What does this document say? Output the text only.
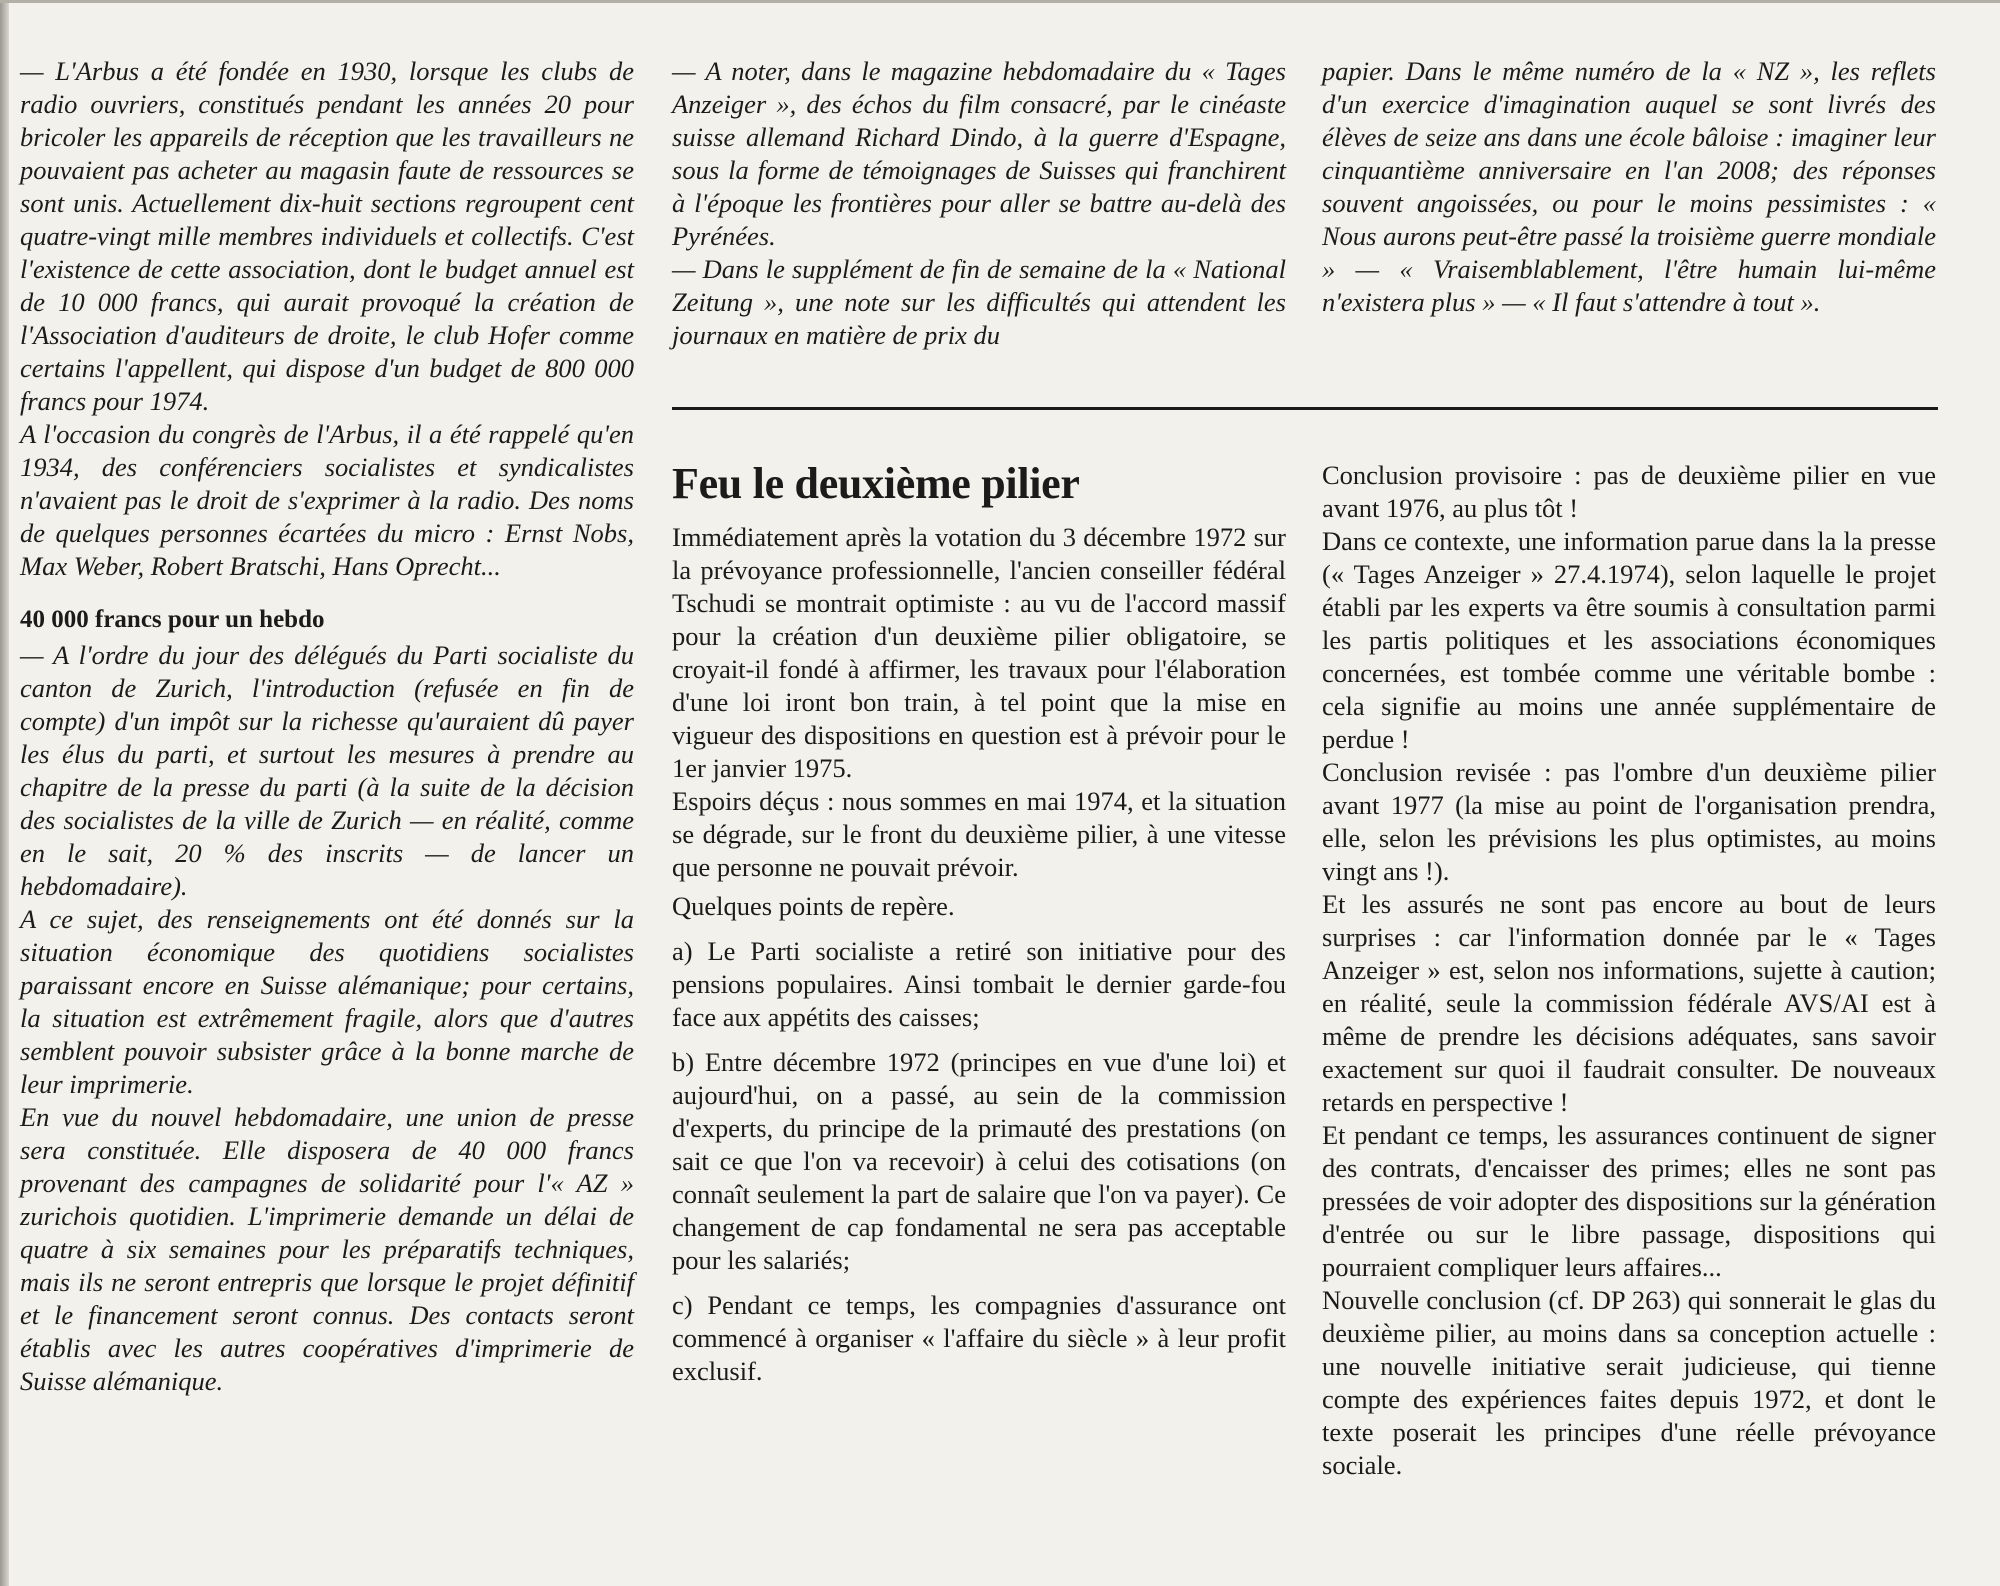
— L'Arbus a été fondée en 1930, lorsque les clubs de radio ouvriers, constitués pendant les années 20 pour bricoler les appareils de réception que les travailleurs ne pouvaient pas acheter au magasin faute de ressources se sont unis. Actuellement dix-huit sections regroupent cent quatre-vingt mille membres individuels et collectifs. C'est l'existence de cette association, dont le budget annuel est de 10 000 francs, qui aurait provoqué la création de l'Association d'auditeurs de droite, le club Hofer comme certains l'appellent, qui dispose d'un budget de 800 000 francs pour 1974.

A l'occasion du congrès de l'Arbus, il a été rappelé qu'en 1934, des conférenciers socialistes et syndicalistes n'avaient pas le droit de s'exprimer à la radio. Des noms de quelques personnes écartées du micro : Ernst Nobs, Max Weber, Robert Bratschi, Hans Oprecht...

40 000 francs pour un hebdo

— A l'ordre du jour des délégués du Parti socialiste du canton de Zurich, l'introduction (refusée en fin de compte) d'un impôt sur la richesse qu'auraient dû payer les élus du parti, et surtout les mesures à prendre au chapitre de la presse du parti (à la suite de la décision des socialistes de la ville de Zurich — en réalité, comme en le sait, 20 % des inscrits — de lancer un hebdomadaire).

A ce sujet, des renseignements ont été donnés sur la situation économique des quotidiens socialistes paraissant encore en Suisse alémanique; pour certains, la situation est extrêmement fragile, alors que d'autres semblent pouvoir subsister grâce à la bonne marche de leur imprimerie.

En vue du nouvel hebdomadaire, une union de presse sera constituée. Elle disposera de 40 000 francs provenant des campagnes de solidarité pour l'« AZ » zurichois quotidien. L'imprimerie demande un délai de quatre à six semaines pour les préparatifs techniques, mais ils ne seront entrepris que lorsque le projet définitif et le financement seront connus. Des contacts seront établis avec les autres coopératives d'imprimerie de Suisse alémanique.

— A noter, dans le magazine hebdomadaire du « Tages Anzeiger », des échos du film consacré, par le cinéaste suisse allemand Richard Dindo, à la guerre d'Espagne, sous la forme de témoignages de Suisses qui franchirent à l'époque les frontières pour aller se battre au-delà des Pyrénées.

— Dans le supplément de fin de semaine de la « National Zeitung », une note sur les difficultés qui attendent les journaux en matière de prix du

papier. Dans le même numéro de la « NZ », les reflets d'un exercice d'imagination auquel se sont livrés des élèves de seize ans dans une école bâloise : imaginer leur cinquantième anniversaire en l'an 2008; des réponses souvent angoissées, ou pour le moins pessimistes : « Nous aurons peut-être passé la troisième guerre mondiale » — « Vraisemblablement, l'être humain lui-même n'existera plus » — « Il faut s'attendre à tout ».

Feu le deuxième pilier

Immédiatement après la votation du 3 décembre 1972 sur la prévoyance professionnelle, l'ancien conseiller fédéral Tschudi se montrait optimiste : au vu de l'accord massif pour la création d'un deuxième pilier obligatoire, se croyait-il fondé à affirmer, les travaux pour l'élaboration d'une loi iront bon train, à tel point que la mise en vigueur des dispositions en question est à prévoir pour le 1er janvier 1975.

Espoirs déçus : nous sommes en mai 1974, et la situation se dégrade, sur le front du deuxième pilier, à une vitesse que personne ne pouvait prévoir.

Quelques points de repère.

a) Le Parti socialiste a retiré son initiative pour des pensions populaires. Ainsi tombait le dernier garde-fou face aux appétits des caisses;

b) Entre décembre 1972 (principes en vue d'une loi) et aujourd'hui, on a passé, au sein de la commission d'experts, du principe de la primauté des prestations (on sait ce que l'on va recevoir) à celui des cotisations (on connaît seulement la part de salaire que l'on va payer). Ce changement de cap fondamental ne sera pas acceptable pour les salariés;

c) Pendant ce temps, les compagnies d'assurance ont commencé à organiser « l'affaire du siècle » à leur profit exclusif.

Conclusion provisoire : pas de deuxième pilier en vue avant 1976, au plus tôt !

Dans ce contexte, une information parue dans la la presse (« Tages Anzeiger » 27.4.1974), selon laquelle le projet établi par les experts va être soumis à consultation parmi les partis politiques et les associations économiques concernées, est tombée comme une véritable bombe : cela signifie au moins une année supplémentaire de perdue !

Conclusion revisée : pas l'ombre d'un deuxième pilier avant 1977 (la mise au point de l'organisation prendra, elle, selon les prévisions les plus optimistes, au moins vingt ans !).

Et les assurés ne sont pas encore au bout de leurs surprises : car l'information donnée par le « Tages Anzeiger » est, selon nos informations, sujette à caution; en réalité, seule la commission fédérale AVS/AI est à même de prendre les décisions adéquates, sans savoir exactement sur quoi il faudrait consulter. De nouveaux retards en perspective !

Et pendant ce temps, les assurances continuent de signer des contrats, d'encaisser des primes; elles ne sont pas pressées de voir adopter des dispositions sur la génération d'entrée ou sur le libre passage, dispositions qui pourraient compliquer leurs affaires...

Nouvelle conclusion (cf. DP 263) qui sonnerait le glas du deuxième pilier, au moins dans sa conception actuelle : une nouvelle initiative serait judicieuse, qui tienne compte des expériences faites depuis 1972, et dont le texte poserait les principes d'une réelle prévoyance sociale.
